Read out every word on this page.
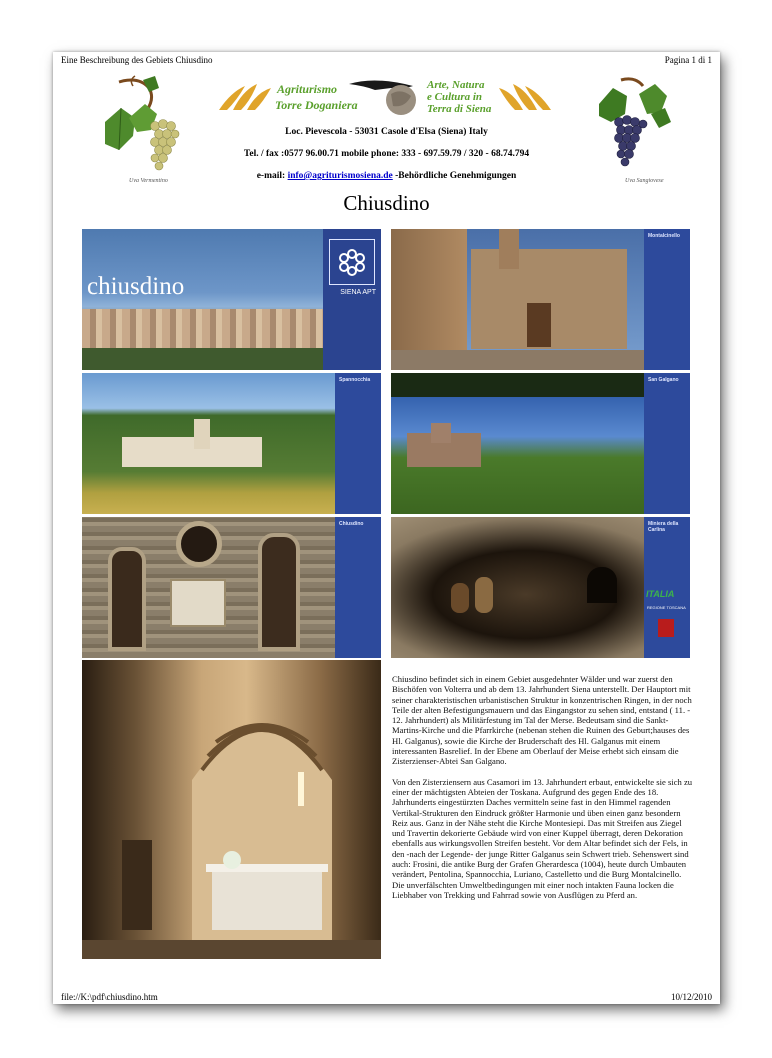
Eine Beschreibung des Gebiets Chiusdino	Pagina 1 di 1
Uva Vermentino	Uva Sangiovese
Agriturismo
Torre Doganiera
Arte, Natura
e Cultura in
Terra di Siena
Loc. Pievescola - 53031 Casole d'Elsa (Siena) Italy
Tel. / fax :0577 96.00.71 mobile phone: 333 - 697.59.79 / 320 - 68.74.794
e-mail: info@agriturismosiena.de -Behördliche Genehmigungen
Chiusdino
chiusdino	SIENA APT
Montalcinello
Spannocchia	San Galgano
Chiusdino	Miniera della Carlina
ITALIA
REGIONE TOSCANA

Chiusdino befindet sich in einem Gebiet ausgedehnter Wälder und war zuerst den Bischöfen von Volterra und ab dem 13. Jahrhundert Siena unterstellt. Der Hauptort mit seiner charakteristischen urbanistischen Struktur in konzentrischen Ringen, in der noch Teile der alten Befestigungsmauern und das Eingangstor zu sehen sind, entstand ( 11. - 12. Jahrhundert) als Militärfestung im Tal der Merse. Bedeutsam sind die Sankt-Martins-Kirche und die Pfarrkirche (nebenan stehen die Ruinen des Geburt;hauses des Hl. Galganus), sowie die Kirche der Bruderschaft des Hl. Galganus mit einem interessanten Basrelief. In der Ebene am Oberlauf der Meise erhebt sich einsam die Zisterzienser-Abtei San Galgano.

Von den Zisterziensern aus Casamori im 13. Jahrhundert erbaut, entwickelte sie sich zu einer der mächtigsten Abteien der Toskana. Aufgrund des gegen Ende des 18. Jahrhunderts eingestürzten Daches vermitteln seine fast in den Himmel ragenden Vertikal-Strukturen den Eindruck größter Harmonie und üben einen ganz besondern Reiz aus. Ganz in der Nähe steht die Kirche Montesiepi. Das mit Streifen aus Ziegel und Travertin dekorierte Gebäude wird von einer Kuppel überragt, deren Dekoration ebenfalls aus wirkungsvollen Streifen besteht. Vor dem Altar befindet sich der Fels, in den -nach der Legende- der junge Ritter Galganus sein Schwert trieb. Sehenswert sind auch: Frosini, die antike Burg der Grafen Gherardesca (1004), heute durch Umbauten verändert, Pentolina, Spannocchia, Luriano, Castelletto und die Burg Montalcinello. Die unverfälschten Umweltbedingungen mit einer noch intakten Fauna locken die Liebhaber von Trekking und Fahrrad sowie von Ausflügen zu Pferd an.

file://K:\pdf\chiusdino.htm	10/12/2010
